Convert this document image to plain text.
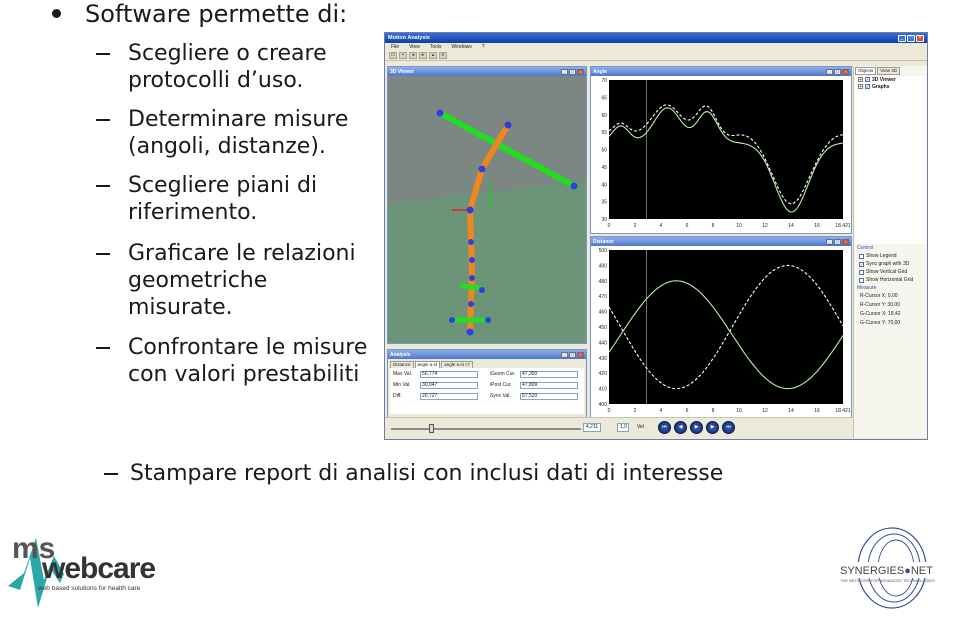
Software permette di:
Scegliere o creare
protocolli d’uso.
Determinare misure
(angoli, distanze).
Scegliere piani di
riferimento.
Graficare le relazioni
geometriche
misurate.
Confrontare le misure
con valori prestabiliti
Stampare report di analisi con inclusi dati di interesse
Motion Analysis	_	□	×
File View Tools Windows ?
▭	▪	◂	▸	▴	≡
3D Viewer	_	□	×	Angle	_	□	×
70
65
60
55
50
45
40
35
30
0	2	4	6	8	10	12	14	16	18.421
Distance	_	□	×
500
490
480
470
460
450
440
430
420
410
400
0	2	4	6	8	10	12	14	16	18.421
Analysis	_	□	×
Distance	angle a-i4	angle a-i4 c7
Max Val.	50,774	iGeom Cur.	47,350
Min Val.	30,047	iPost Cur.	47,809
Diff.	20,727	Sync Val.	57,520
Objects	View 3D
+	✓ 3D Viewer
+	✓ Graphs
Control
Show Legend
✓ Sync graph with 3D
Show Vertical Grid
Show Horizontal Grid
Measure
R-Cursor X: 0,00
R-Cursor Y: 30,00
G-Cursor X: 18,42
G-Cursor Y: 70,00
4,211	1,0	Vel	⏮	◀	▶	▶	⏭
ms
webcare
web based solutions for health care
SYNERGIES●NET
THE NETWORK FOR ADVANCED TECHNOLOGIES
